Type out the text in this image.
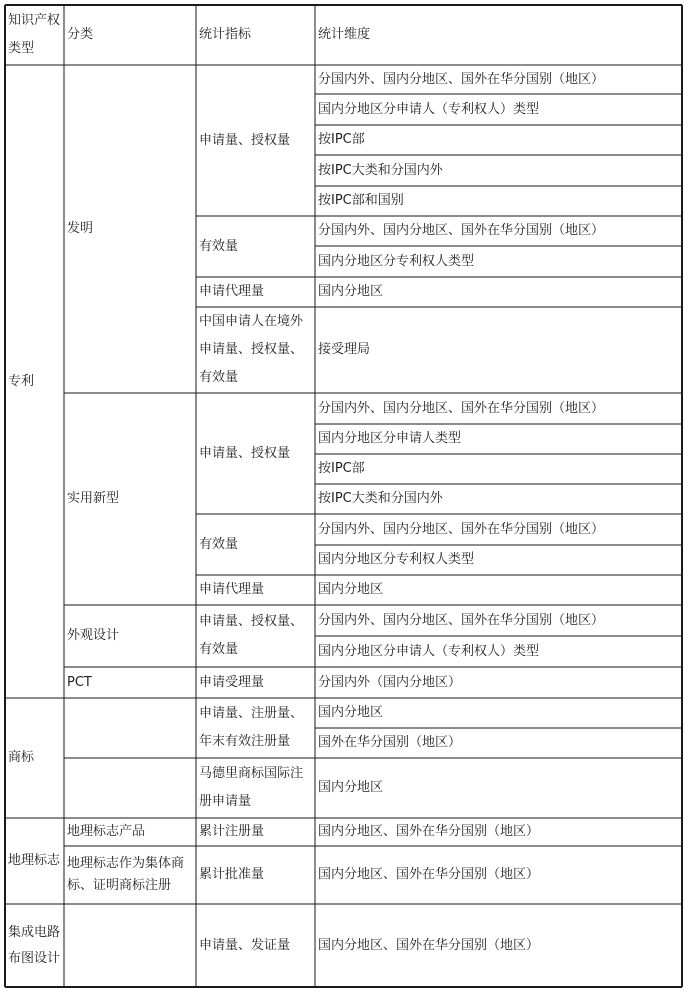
知识产权类型
分类	统计指标	统计维度
分国内外、国内分地区、国外在华分国别（地区）
国内分地区分申请人（专利权人）类型
按IPC部
按IPC大类和分国内外
按IPC部和国别
申请量、授权量
分国内外、国内分地区、国外在华分国别（地区）
国内分地区分专利权人类型
有效量
国内分地区
申请代理量
接受理局
中国申请人在境外申请量、授权量、有效量
发明
分国内外、国内分地区、国外在华分国别（地区）
国内分地区分申请人类型
按IPC部
按IPC大类和分国内外
申请量、授权量
分国内外、国内分地区、国外在华分国别（地区）
国内分地区分专利权人类型
有效量
国内分地区
申请代理量
实用新型
分国内外、国内分地区、国外在华分国别（地区）
国内分地区分申请人（专利权人）类型
申请量、授权量、有效量
外观设计
分国内外（国内分地区）
申请受理量
PCT
专利
国内分地区
国外在华分国别（地区）
申请量、注册量、年末有效注册量
国内分地区
马德里商标国际注册申请量
商标
国内分地区、国外在华分国别（地区）
累计注册量
地理标志产品
国内分地区、国外在华分国别（地区）
累计批准量
地理标志作为集体商标、证明商标注册
地理标志
国内分地区、国外在华分国别（地区）
申请量、发证量
集成电路布图设计
